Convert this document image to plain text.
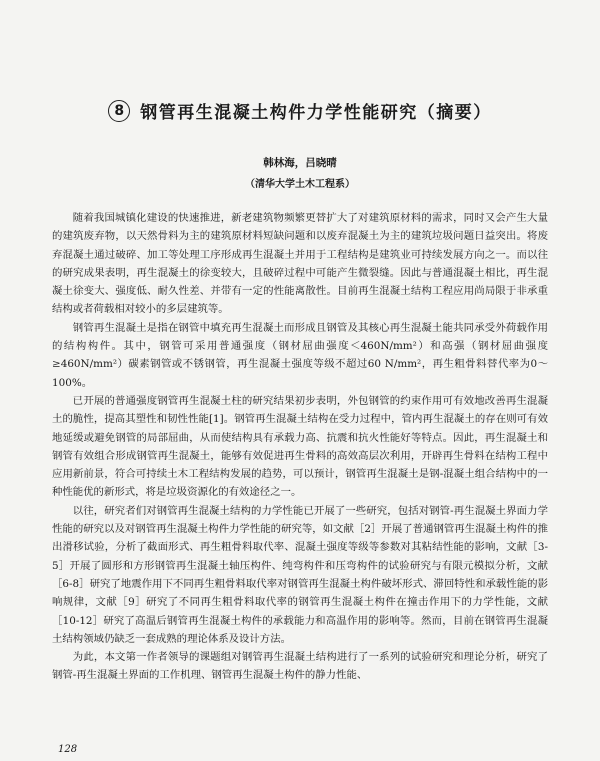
8 钢管再生混凝土构件力学性能研究（摘要）
韩林海，吕晓晴
（清华大学土木工程系）

随着我国城镇化建设的快速推进，新老建筑物频繁更替扩大了对建筑原材料的需求，同时又会产生大量的建筑废弃物，以天然骨料为主的建筑原材料短缺问题和以废弃混凝土为主的建筑垃圾问题日益突出。将废弃混凝土通过破碎、加工等处理工序形成再生混凝土并用于工程结构是建筑业可持续发展方向之一。而以往的研究成果表明，再生混凝土的徐变较大，且破碎过程中可能产生微裂缝。因此与普通混凝土相比，再生混凝土徐变大、强度低、耐久性差、并带有一定的性能离散性。目前再生混凝土结构工程应用尚局限于非承重结构或者荷载相对较小的多层建筑等。

钢管再生混凝土是指在钢管中填充再生混凝土而形成且钢管及其核心再生混凝土能共同承受外荷载作用的结构构件。其中，钢管可采用普通强度（钢材屈曲强度＜460N/mm²）和高强（钢材屈曲强度≥460N/mm²）碳素钢管或不锈钢管，再生混凝土强度等级不超过60 N/mm²，再生粗骨料替代率为0～100%。

已开展的普通强度钢管再生混凝土柱的研究结果初步表明，外包钢管的约束作用可有效地改善再生混凝土的脆性，提高其塑性和韧性性能[1]。钢管再生混凝土结构在受力过程中，管内再生混凝土的存在则可有效地延缓或避免钢管的局部屈曲，从而使结构具有承载力高、抗震和抗火性能好等特点。因此，再生混凝土和钢管有效组合形成钢管再生混凝土，能够有效促进再生骨料的高效高层次利用，开辟再生骨料在结构工程中应用新前景，符合可持续土木工程结构发展的趋势，可以预计，钢管再生混凝土是钢-混凝土组合结构中的一种性能优的新形式，将是垃圾资源化的有效途径之一。

以往，研究者们对钢管再生混凝土结构的力学性能已开展了一些研究，包括对钢管-再生混凝土界面力学性能的研究以及对钢管再生混凝土构件力学性能的研究等，如文献［2］开展了普通钢管再生混凝土构件的推出滑移试验，分析了截面形式、再生粗骨料取代率、混凝土强度等级等参数对其粘结性能的影响，文献［3-5］开展了圆形和方形钢管再生混凝土轴压构件、纯弯构件和压弯构件的试验研究与有限元模拟分析，文献［6-8］研究了地震作用下不同再生粗骨料取代率对钢管再生混凝土构件破坏形式、滞回特性和承载性能的影响规律，文献［9］研究了不同再生粗骨料取代率的钢管再生混凝土构件在撞击作用下的力学性能，文献［10-12］研究了高温后钢管再生混凝土构件的承载能力和高温作用的影响等。然而，目前在钢管再生混凝土结构领域仍缺乏一套成熟的理论体系及设计方法。

为此，本文第一作者领导的课题组对钢管再生混凝土结构进行了一系列的试验研究和理论分析，研究了钢管-再生混凝土界面的工作机理、钢管再生混凝土构件的静力性能、

128
